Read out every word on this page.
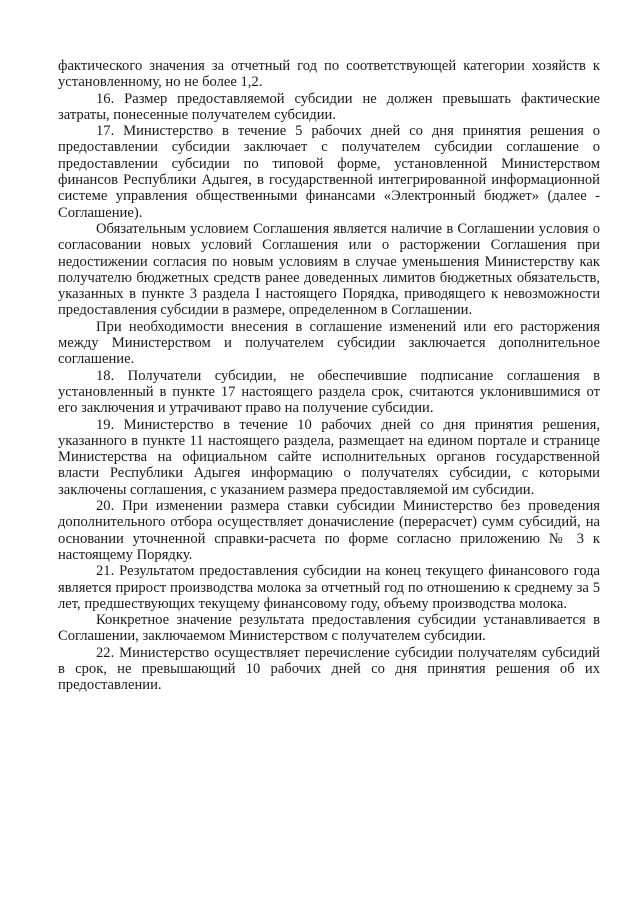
фактического значения за отчетный год по соответствующей категории хозяйств к установленному, но не более 1,2.

16. Размер предоставляемой субсидии не должен превышать фактические затраты, понесенные получателем субсидии.

17. Министерство в течение 5 рабочих дней со дня принятия решения о предоставлении субсидии заключает с получателем субсидии соглашение о предоставлении субсидии по типовой форме, установленной Министерством финансов Республики Адыгея, в государственной интегрированной информационной системе управления общественными финансами «Электронный бюджет» (далее - Соглашение).

Обязательным условием Соглашения является наличие в Соглашении условия о согласовании новых условий Соглашения или о расторжении Соглашения при недостижении согласия по новым условиям в случае уменьшения Министерству как получателю бюджетных средств ранее доведенных лимитов бюджетных обязательств, указанных в пункте 3 раздела I настоящего Порядка, приводящего к невозможности предоставления субсидии в размере, определенном в Соглашении.

При необходимости внесения в соглашение изменений или его расторжения между Министерством и получателем субсидии заключается дополнительное соглашение.

18. Получатели субсидии, не обеспечившие подписание соглашения в установленный в пункте 17 настоящего раздела срок, считаются уклонившимися от его заключения и утрачивают право на получение субсидии.

19. Министерство в течение 10 рабочих дней со дня принятия решения, указанного в пункте 11 настоящего раздела, размещает на едином портале и странице Министерства на официальном сайте исполнительных органов государственной власти Республики Адыгея информацию о получателях субсидии, с которыми заключены соглашения, с указанием размера предоставляемой им субсидии.

20. При изменении размера ставки субсидии Министерство без проведения дополнительного отбора осуществляет доначисление (перерасчет) сумм субсидий, на основании уточненной справки-расчета по форме согласно приложению № 3 к настоящему Порядку.

21. Результатом предоставления субсидии на конец текущего финансового года является прирост производства молока за отчетный год по отношению к среднему за 5 лет, предшествующих текущему финансовому году, объему производства молока.

Конкретное значение результата предоставления субсидии устанавливается в Соглашении, заключаемом Министерством с получателем субсидии.

22. Министерство осуществляет перечисление субсидии получателям субсидий в срок, не превышающий 10 рабочих дней со дня принятия решения об их предоставлении.
